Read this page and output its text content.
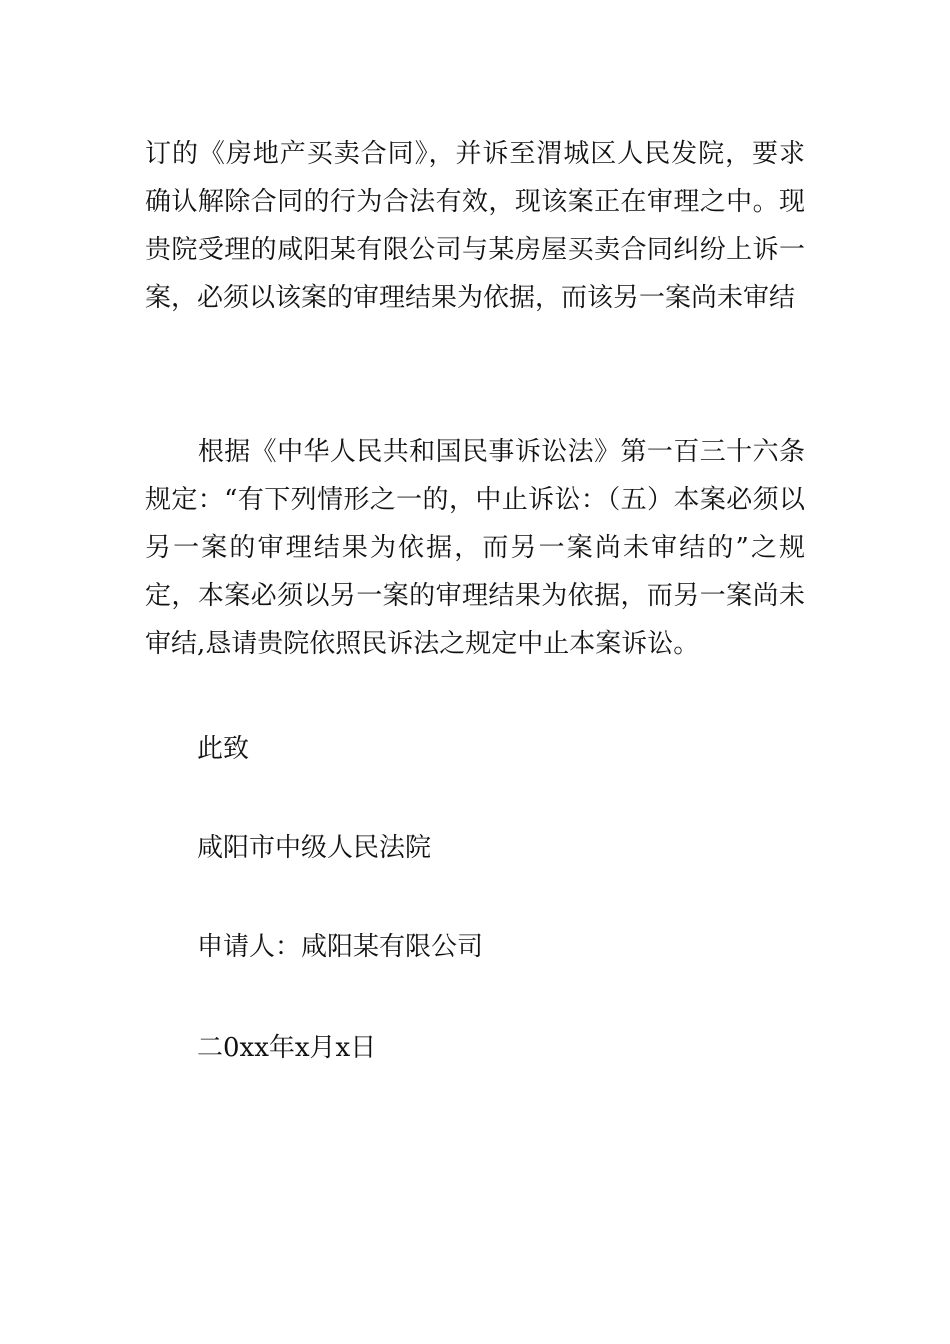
订的《房地产买卖合同》，并诉至渭城区人民发院，要求确认解除合同的行为合法有效，现该案正在审理之中。现贵院受理的咸阳某有限公司与某房屋买卖合同纠纷上诉一案，必须以该案的审理结果为依据，而该另一案尚未审结

　　根据《中华人民共和国民事诉讼法》第一百三十六条规定：“有下列情形之一的，中止诉讼：（五）本案必须以另一案的审理结果为依据，而另一案尚未审结的”之规定，本案必须以另一案的审理结果为依据，而另一案尚未审结,恳请贵院依照民诉法之规定中止本案诉讼。

此致

咸阳市中级人民法院

申请人：咸阳某有限公司

二0xx年x月x日
